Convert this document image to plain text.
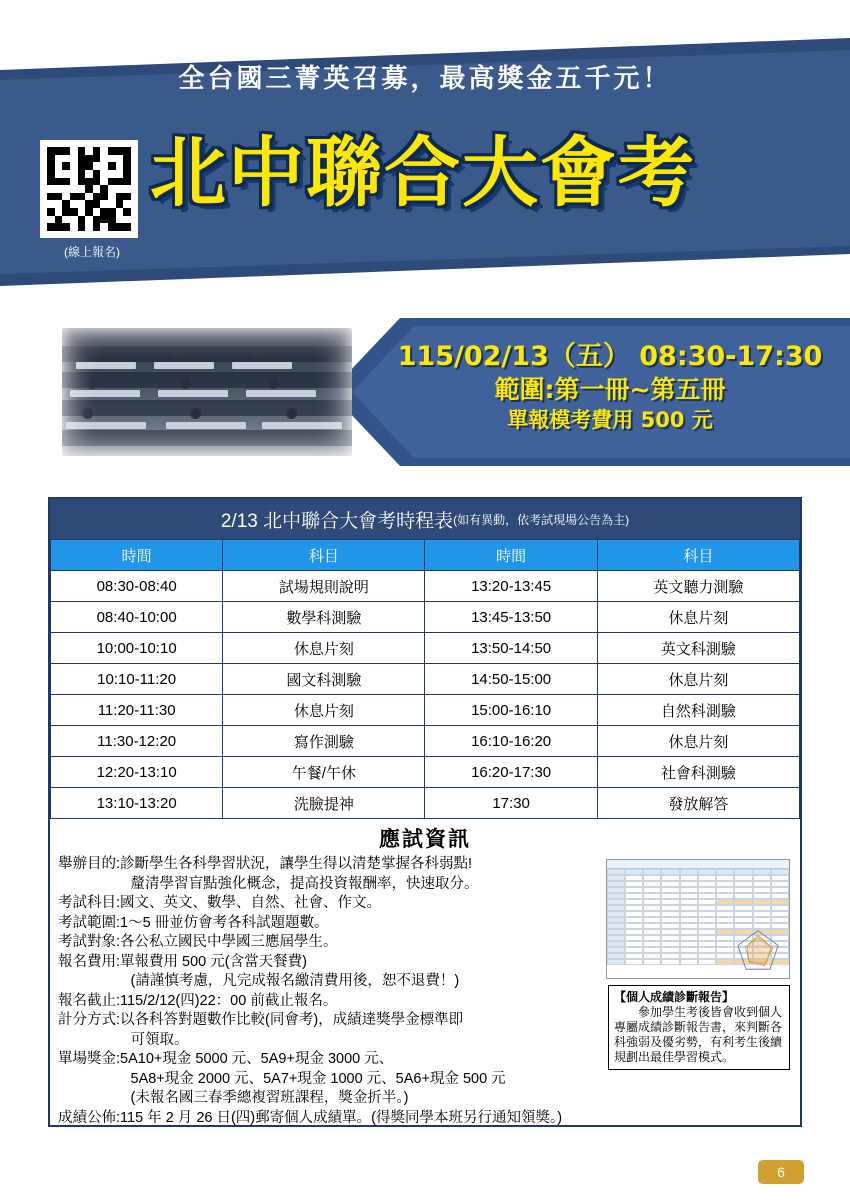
全台國三菁英召募，最高獎金五千元！
(線上報名)
北中聯合大會考
115/02/13（五） 08:30-17:30
範圍:第一冊~第五冊
單報模考費用 500 元
2/13 北中聯合大會考時程表 (如有異動，依考試現場公告為主)
時間	科目	時間	科目
08:30-08:40	試場規則說明	13:20-13:45	英文聽力測驗
08:40-10:00	數學科測驗	13:45-13:50	休息片刻
10:00-10:10	休息片刻	13:50-14:50	英文科測驗
10:10-11:20	國文科測驗	14:50-15:00	休息片刻
11:20-11:30	休息片刻	15:00-16:10	自然科測驗
11:30-12:20	寫作測驗	16:10-16:20	休息片刻
12:20-13:10	午餐/午休	16:20-17:30	社會科測驗
13:10-13:20	洗臉提神	17:30	發放解答
應試資訊
舉辦目的:診斷學生各科學習狀況，讓學生得以清楚掌握各科弱點!
　　　　　釐清學習盲點強化概念，提高投資報酬率，快速取分。
考試科目:國文、英文、數學、自然、社會、作文。
考試範圍:1～5 冊並仿會考各科試題題數。
考試對象:各公私立國民中學國三應屆學生。
報名費用:單報費用 500 元(含當天餐費)
　　　　　(請謹慎考慮，凡完成報名繳清費用後，恕不退費！)
報名截止:115/2/12(四)22：00 前截止報名。
計分方式:以各科答對題數作比較(同會考)，成績達獎學金標準即
　　　　　可領取。
單場獎金:5A10+現金 5000 元、5A9+現金 3000 元、
　　　　　5A8+現金 2000 元、5A7+現金 1000 元、5A6+現金 500 元
　　　　　(未報名國三春季總複習班課程，獎金折半。)
成績公佈:115 年 2 月 26 日(四)郵寄個人成績單。(得獎同學本班另行通知領獎。)
【個人成績診斷報告】
　　參加學生考後皆會收到個人專屬成績診斷報告書，來判斷各科強弱及優劣勢，有利考生後續規劃出最佳學習模式。
6
